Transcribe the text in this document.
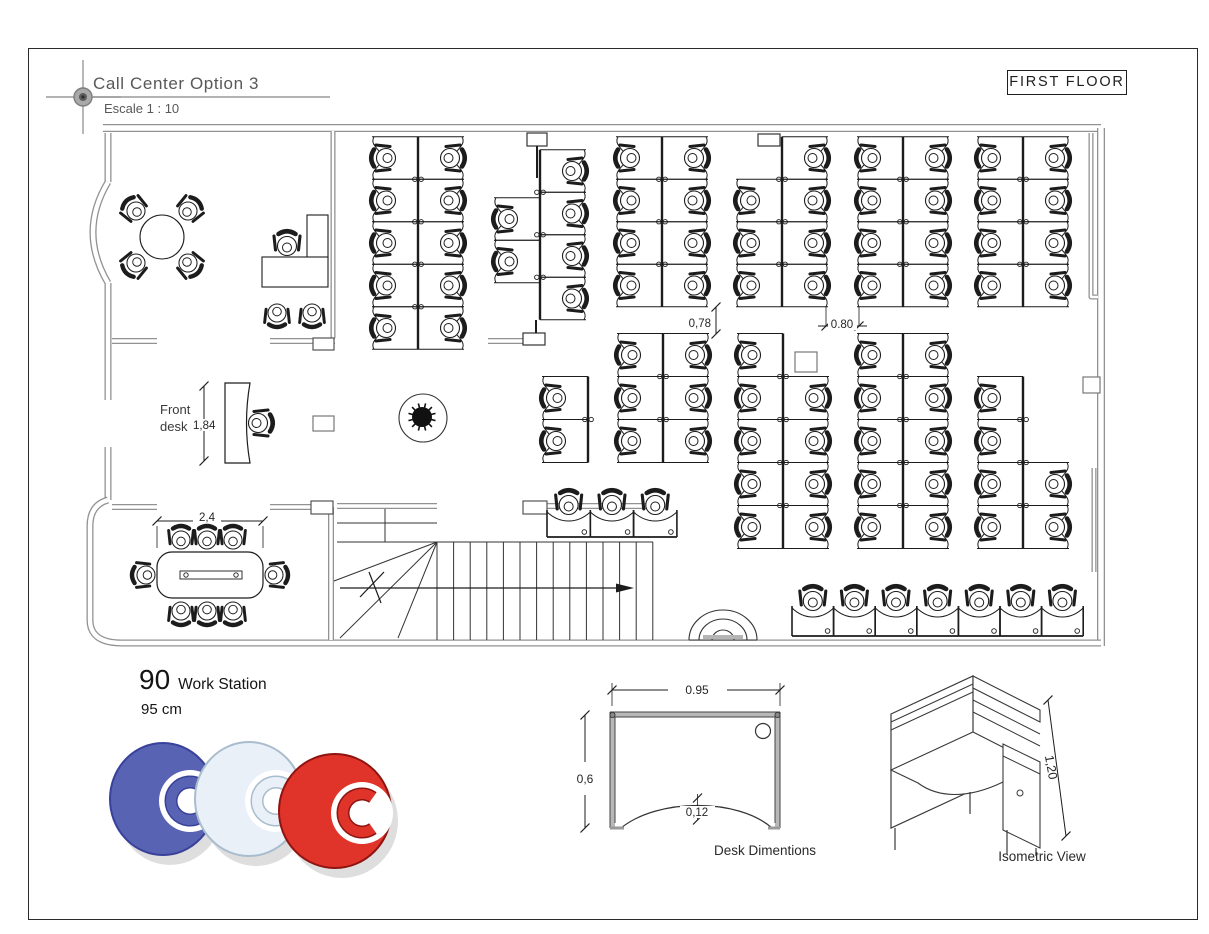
Front
desk 1,84
2,4
0,78	0.80
0.95
0,6
0,12
1,20
Call Center Option 3
Escale 1 : 10
FIRST FLOOR
90 Work Station
95 cm
Desk Dimentions	Isometric View
